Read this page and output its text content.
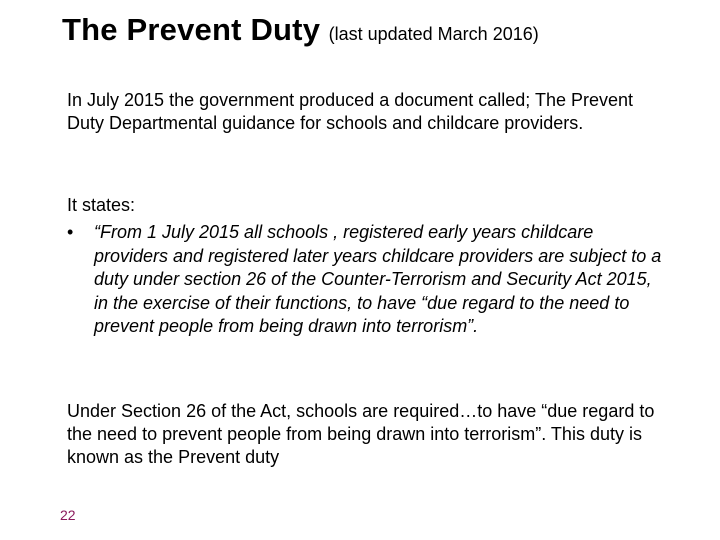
The Prevent Duty (last updated March 2016)
In July 2015 the government produced a document called; The Prevent Duty Departmental guidance for schools and childcare providers.
It states:
•	“From 1 July 2015 all schools , registered early years childcare providers and registered later years childcare providers are subject to a duty under section 26 of the Counter-Terrorism and Security Act 2015, in the exercise of their functions, to have “due regard to the need to prevent people from being drawn into terrorism”.
Under Section 26 of the Act, schools are required…to have “due regard to the need to prevent people from being drawn into terrorism”. This duty is known as the Prevent duty
22
